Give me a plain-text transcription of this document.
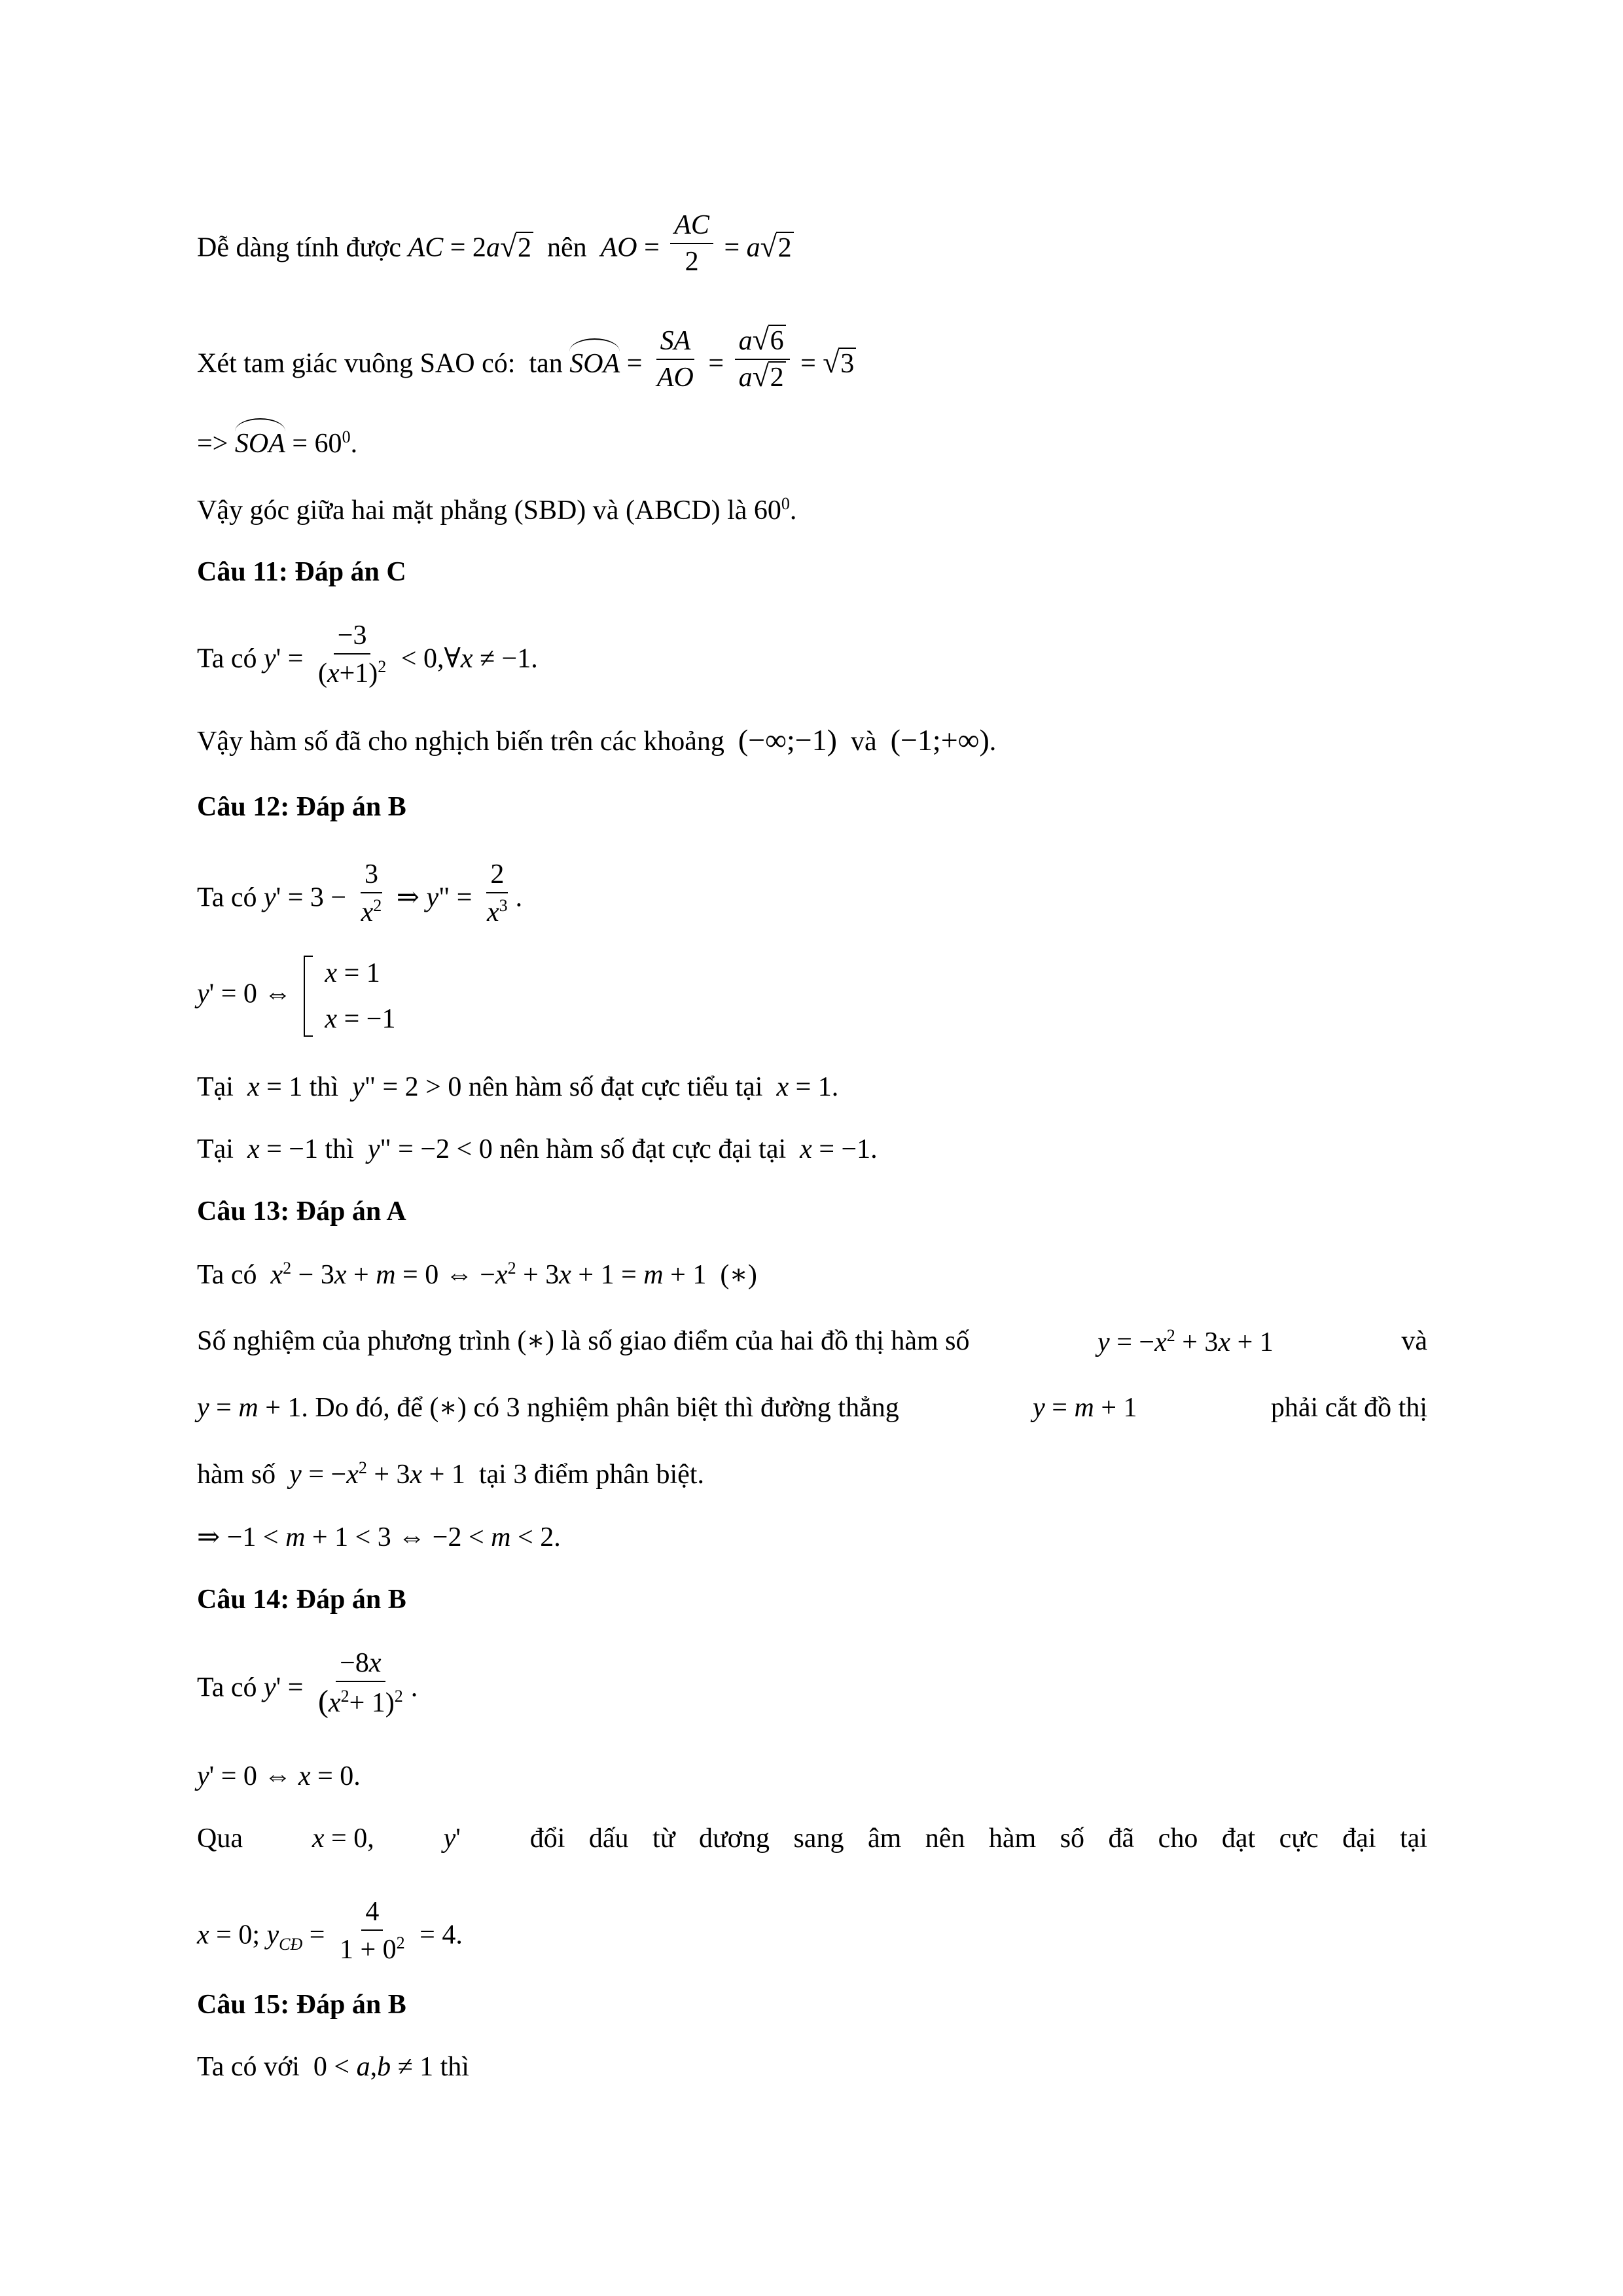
Dễ dàng tính được AC = 2a√ 2 nên AO = $\frac{AC}{2} = a√$ 2
Xét tam giác vuông SAO có: tan SOA = $\frac{SA}{AO} = \frac{a√ 6}{a√ 2}$ = √ 3
=> SOA = $60^0$.
Vậy góc giữa hai mặt phẳng (SBD) và (ABCD) là $60^0$.
Câu 11: Đáp án C
Ta có $y' = \frac{-3}{(x+1)^2}$ < 0,∀x ≠ −1.
Vậy hàm số đã cho nghịch biến trên các khoảng (−∞;−1) và (−1;+∞).
Câu 12: Đáp án B
Ta có $y' = 3 - \frac{3}{x^2}$ ⇒ y" = $\frac{2}{x^3}$ .
y' = 0 ⇔
x = 1
x = −1
Tại x = 1 thì y" = 2 > 0 nên hàm số đạt cực tiểu tại x = 1.
Tại x = −1 thì y" = −2 < 0 nên hàm số đạt cực đại tại x = −1.
Câu 13: Đáp án A
Ta có $x^2 - 3x + m = 0$ ⇔ $-x^2 + 3x + 1 = m + 1$ (∗)
Số nghiệm của phương trình (∗) là số giao điểm của hai đồ thị hàm số	$y = -x^2 + 3x + 1$	và
y = m + 1. Do đó, để (∗) có 3 nghiệm phân biệt thì đường thẳng	y = m + 1	phải cắt đồ thị
hàm số $y = -x^2 + 3x + 1$ tại 3 điểm phân biệt.
⇒ −1 < m + 1 < 3 ⇔ −2 < m < 2.
Câu 14: Đáp án B
Ta có $y' = \frac{-8x}{(x^2+ 1)^2}$ .
y' = 0 ⇔ x = 0.
Qua	x = 0,	y'	đổi dấu từ dương sang âm nên hàm số đã cho đạt cực đại tại
x = 0; $y_{CĐ} = \frac{4}{1 + 0^2} = 4$.
Câu 15: Đáp án B
Ta có với 0 < a,b ≠ 1 thì
